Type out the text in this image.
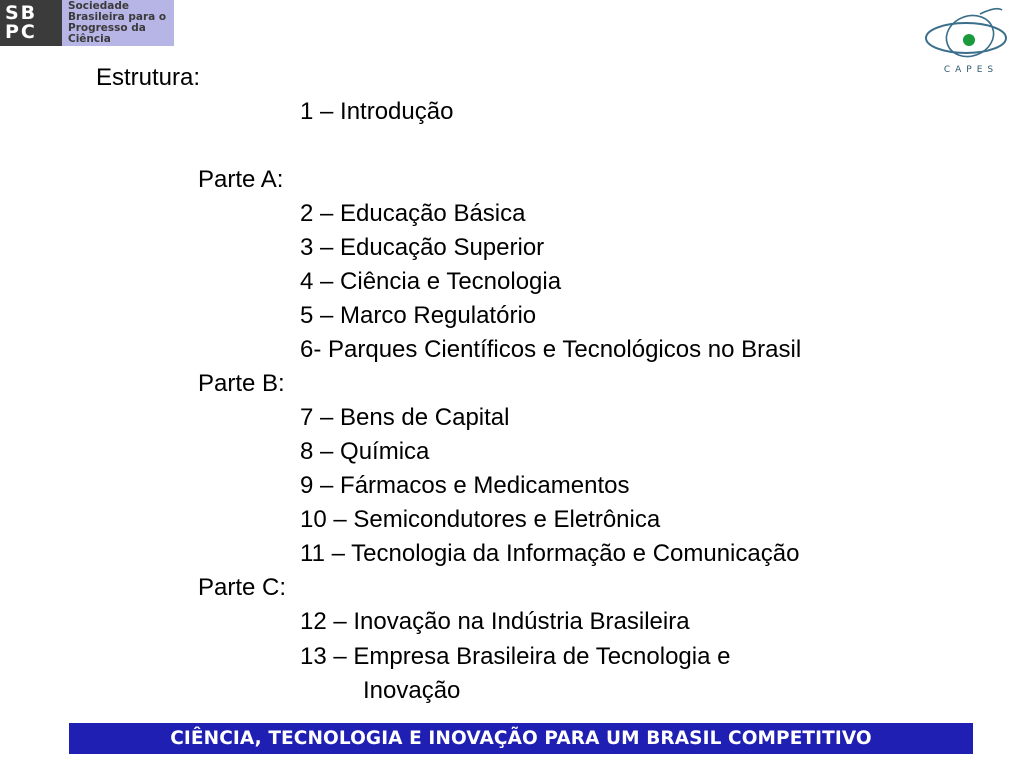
SB
PC
Sociedade
Brasileira para o
Progresso da
Ciência
CAPES
Estrutura:
1 – Introdução
Parte A:
2 – Educação Básica
3 – Educação Superior
4 – Ciência e Tecnologia
5 – Marco Regulatório
6- Parques Científicos e Tecnológicos no Brasil
Parte B:
7 – Bens de Capital
8 – Química
9 – Fármacos e Medicamentos
10 – Semicondutores e Eletrônica
11 – Tecnologia da Informação e Comunicação
Parte C:
12 – Inovação na Indústria Brasileira
13 – Empresa Brasileira de Tecnologia e
Inovação
CIÊNCIA, TECNOLOGIA E INOVAÇÃO PARA UM BRASIL COMPETITIVO
